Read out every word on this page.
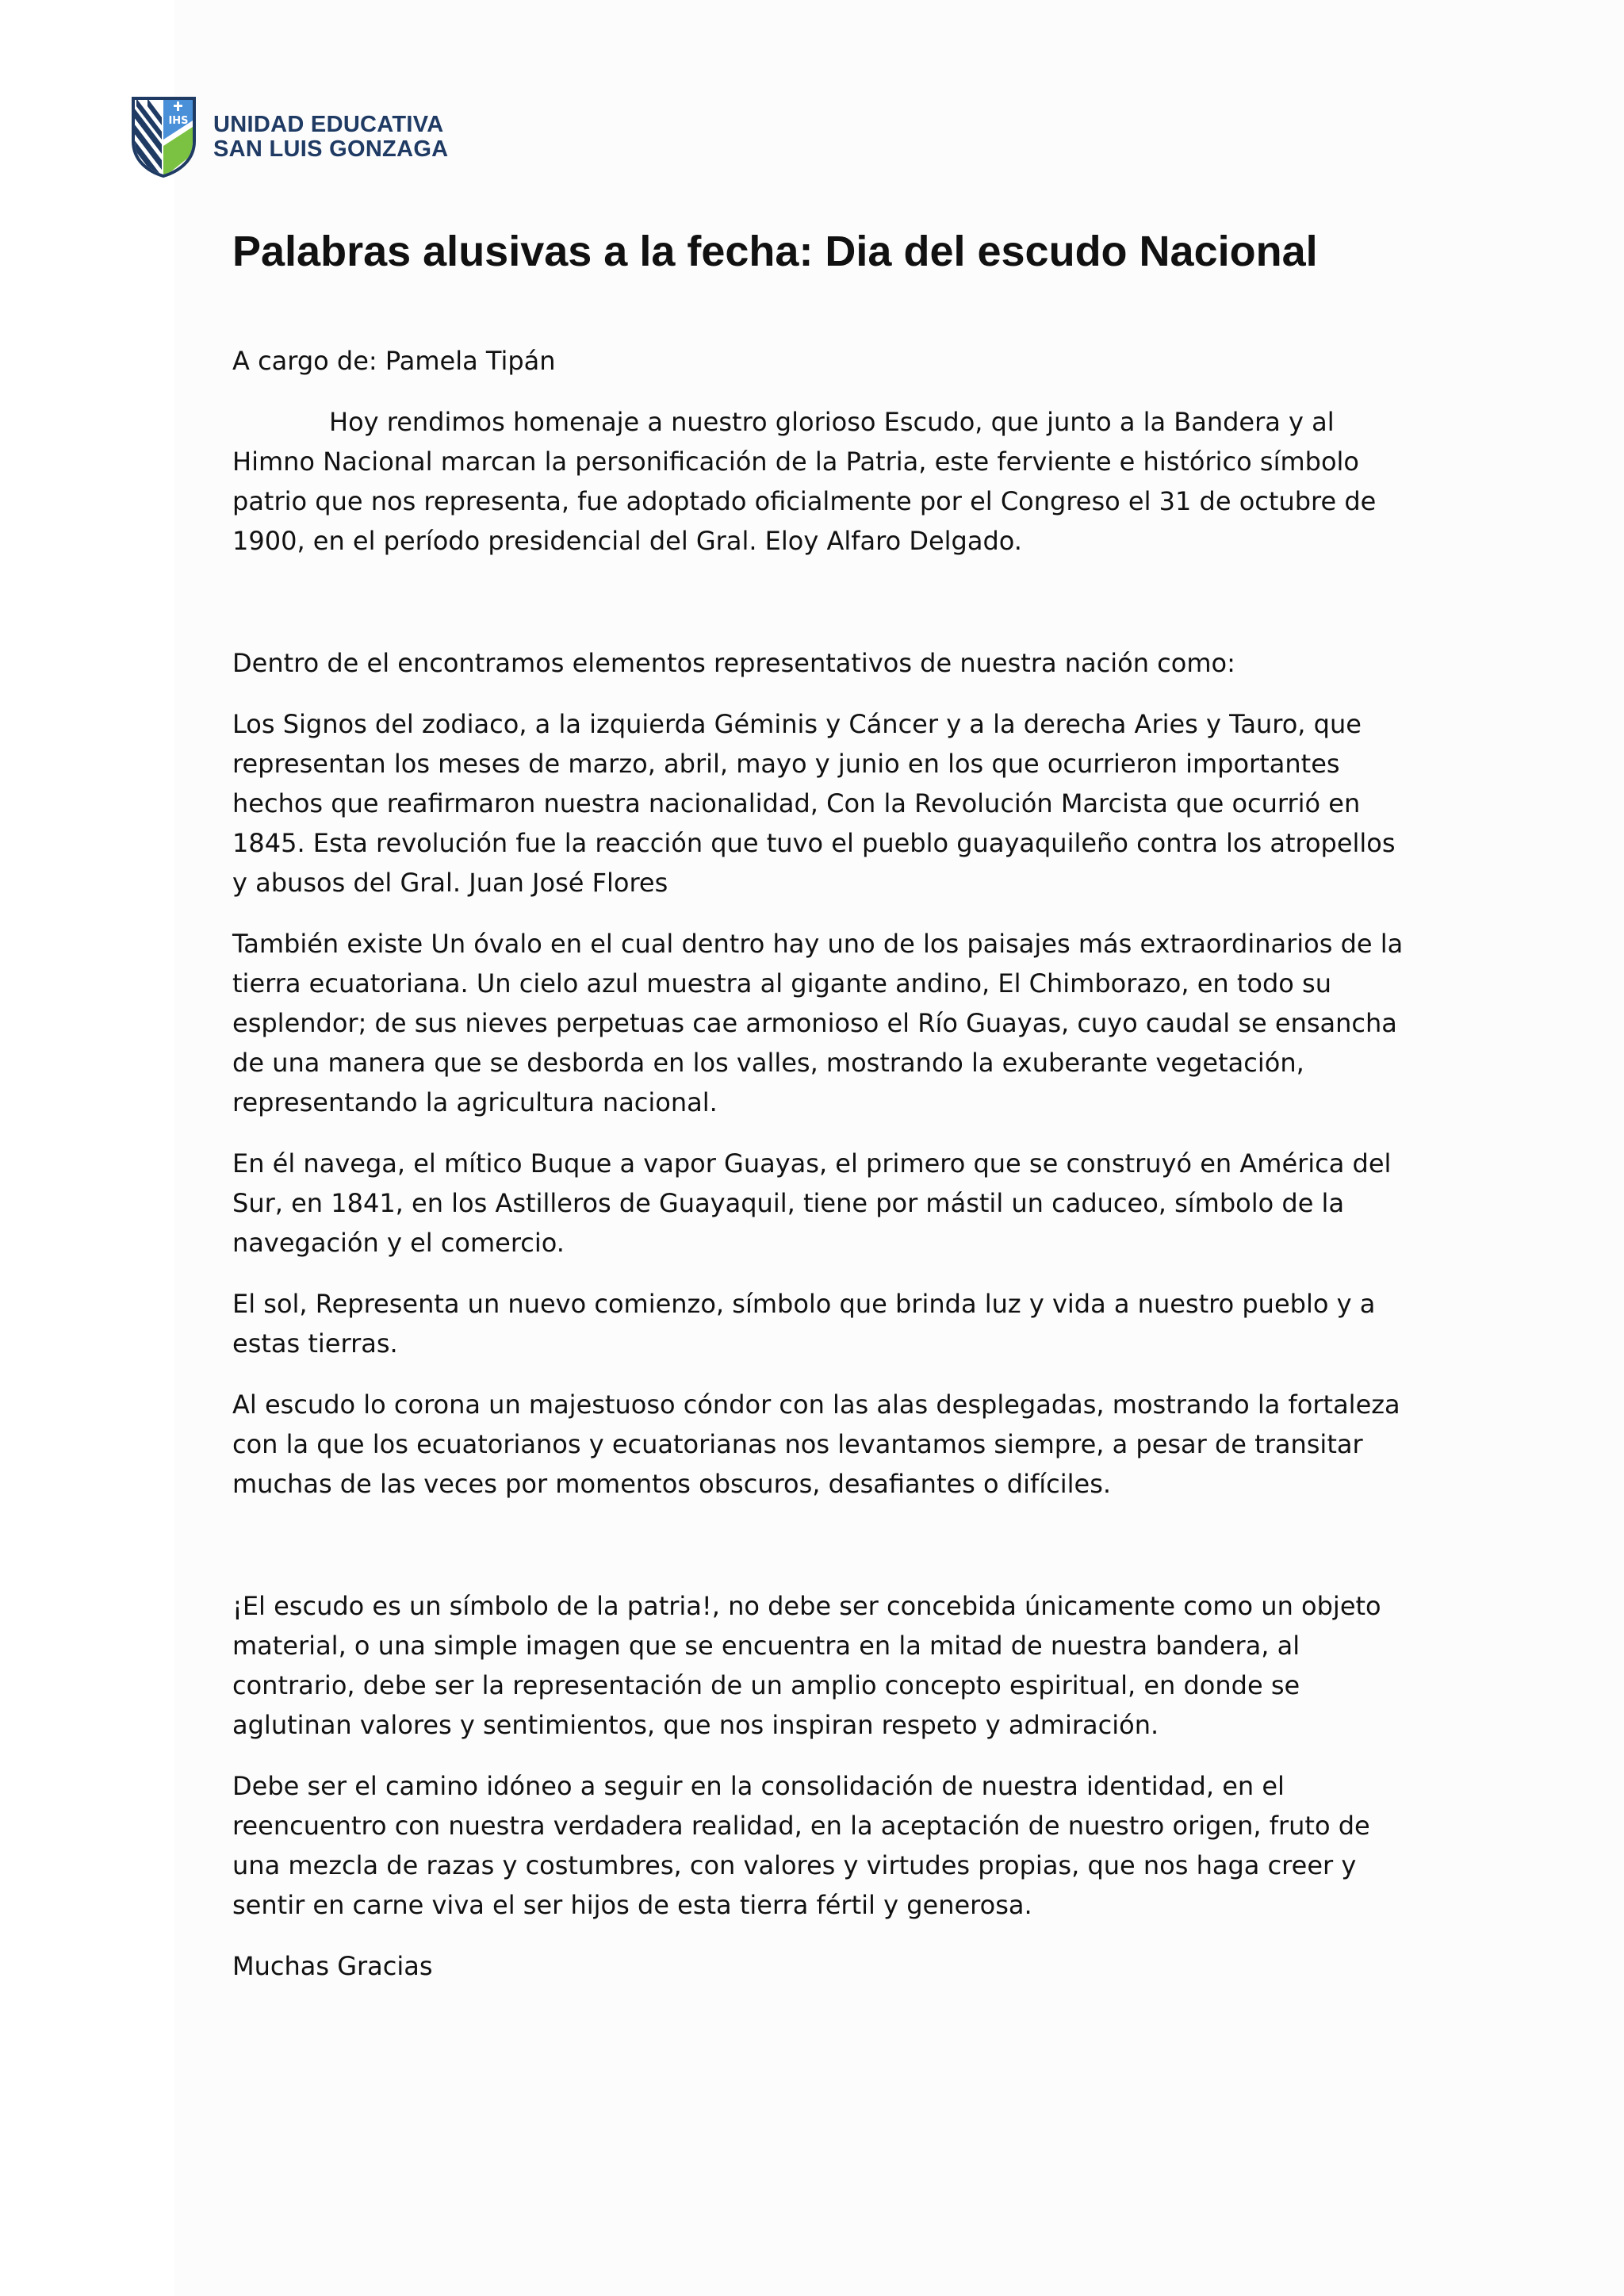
IHS UNIDAD EDUCATIVA
SAN LUIS GONZAGA
Palabras alusivas a la fecha: Dia del escudo Nacional

A cargo de: Pamela Tipán

Hoy rendimos homenaje a nuestro glorioso Escudo, que junto a la Bandera y al Himno Nacional marcan la personificación de la Patria, este ferviente e histórico símbolo patrio que nos representa, fue adoptado oficialmente por el Congreso el 31 de octubre de 1900, en el período presidencial del Gral. Eloy Alfaro Delgado.

Dentro de el encontramos elementos representativos de nuestra nación como:

Los Signos del zodiaco, a la izquierda Géminis y Cáncer y a la derecha Aries y Tauro, que representan los meses de marzo, abril, mayo y junio en los que ocurrieron importantes hechos que reafirmaron nuestra nacionalidad, Con la Revolución Marcista que ocurrió en 1845. Esta revolución fue la reacción que tuvo el pueblo guayaquileño contra los atropellos y abusos del Gral. Juan José Flores

También existe Un óvalo en el cual dentro hay uno de los paisajes más extraordinarios de la tierra ecuatoriana. Un cielo azul muestra al gigante andino, El Chimborazo, en todo su esplendor; de sus nieves perpetuas cae armonioso el Río Guayas, cuyo caudal se ensancha de una manera que se desborda en los valles, mostrando la exuberante vegetación, representando la agricultura nacional.

En él navega, el mítico Buque a vapor Guayas, el primero que se construyó en América del Sur, en 1841, en los Astilleros de Guayaquil, tiene por mástil un caduceo, símbolo de la navegación y el comercio.

El sol, Representa un nuevo comienzo, símbolo que brinda luz y vida a nuestro pueblo y a estas tierras.

Al escudo lo corona un majestuoso cóndor con las alas desplegadas, mostrando la fortaleza con la que los ecuatorianos y ecuatorianas nos levantamos siempre, a pesar de transitar muchas de las veces por momentos obscuros, desafiantes o difíciles.

¡El escudo es un símbolo de la patria!, no debe ser concebida únicamente como un objeto material, o una simple imagen que se encuentra en la mitad de nuestra bandera, al contrario, debe ser la representación de un amplio concepto espiritual, en donde se aglutinan valores y sentimientos, que nos inspiran respeto y admiración.

Debe ser el camino idóneo a seguir en la consolidación de nuestra identidad, en el reencuentro con nuestra verdadera realidad, en la aceptación de nuestro origen, fruto de una mezcla de razas y costumbres, con valores y virtudes propias, que nos haga creer y sentir en carne viva el ser hijos de esta tierra fértil y generosa.

Muchas Gracias
